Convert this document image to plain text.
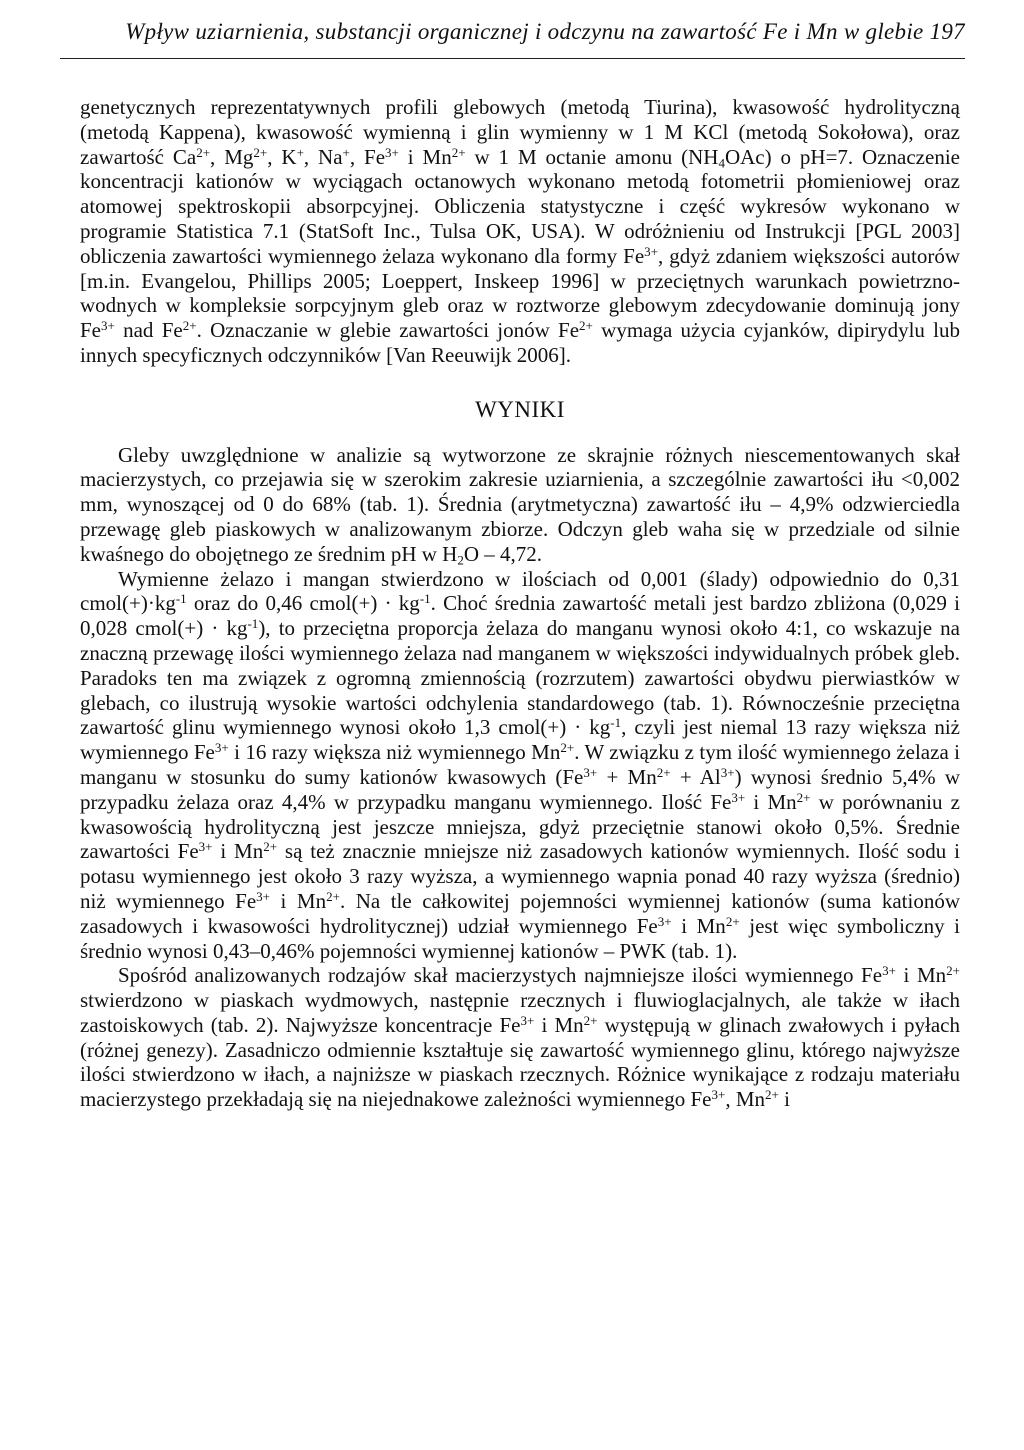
Wpływ uziarnienia, substancji organicznej i odczynu na zawartość Fe i Mn w glebie 197

genetycznych reprezentatywnych profili glebowych (metodą Tiurina), kwasowość hydrolityczną (metodą Kappena), kwasowość wymienną i glin wymienny w 1 M KCl (metodą Sokołowa), oraz zawartość $Ca^{2+}$, $Mg^{2+}$, K+, Na+, $Fe^{3+}$ i $Mn^{2+}$ w 1 M octanie amonu $(NH_4OAc)$ o pH=7. Oznaczenie koncentracji kationów w wyciągach octanowych wykonano metodą fotometrii płomieniowej oraz atomowej spektroskopii absorpcyjnej. Obliczenia statystyczne i część wykresów wykonano w programie Statistica 7.1 (StatSoft Inc., Tulsa OK, USA). W odróżnieniu od Instrukcji [PGL 2003] obliczenia zawartości wymiennego żelaza wykonano dla formy $Fe^{3+}$, gdyż zdaniem większości autorów [m.in. Evangelou, Phillips 2005; Loeppert, Inskeep 1996] w przeciętnych warunkach powietrzno-wodnych w kompleksie sorpcyjnym gleb oraz w roztworze glebowym zdecydowanie dominują jony $Fe^{3+}$ nad $Fe^{2+}$. Oznaczanie w glebie zawartości jonów $Fe^{2+}$ wymaga użycia cyjanków, dipirydylu lub innych specyficznych odczynników [Van Reeuwijk 2006].

WYNIKI

Gleby uwzględnione w analizie są wytworzone ze skrajnie różnych niescementowanych skał macierzystych, co przejawia się w szerokim zakresie uziarnienia, a szczególnie zawartości iłu <0,002 mm, wynoszącej od 0 do 68% (tab. 1). Średnia (arytmetyczna) zawartość iłu – 4,9% odzwierciedla przewagę gleb piaskowych w analizowanym zbiorze. Odczyn gleb waha się w przedziale od silnie kwaśnego do obojętnego ze średnim pH w $H_2O - 4,72$.

Wymienne żelazo i mangan stwierdzono w ilościach od 0,001 (ślady) odpowiednio do 0,31 $cmol(+)\cdot kg^{-1}$ oraz do 0,46 cmol(+) · $kg^{-1}$. Choć średnia zawartość metali jest bardzo zbliżona (0,029 i 0,028 cmol(+) · $kg^{-1}$), to przeciętna proporcja żelaza do manganu wynosi około 4:1, co wskazuje na znaczną przewagę ilości wymiennego żelaza nad manganem w większości indywidualnych próbek gleb. Paradoks ten ma związek z ogromną zmiennością (rozrzutem) zawartości obydwu pierwiastków w glebach, co ilustrują wysokie wartości odchylenia standardowego (tab. 1). Równocześnie przeciętna zawartość glinu wymiennego wynosi około 1,3 cmol(+) · $kg^{-1}$, czyli jest niemal 13 razy większa niż wymiennego $Fe^{3+}$ i 16 razy większa niż wymiennego $Mn^{2+}$. W związku z tym ilość wymiennego żelaza i manganu w stosunku do sumy kationów kwasowych $(Fe^{3+} + Mn^{2+} + Al^{3+})$ wynosi średnio 5,4% w przypadku żelaza oraz 4,4% w przypadku manganu wymiennego. Ilość $Fe^{3+}$ i $Mn^{2+}$ w porównaniu z kwasowością hydrolityczną jest jeszcze mniejsza, gdyż przeciętnie stanowi około 0,5%. Średnie zawartości $Fe^{3+}$ i $Mn^{2+}$ są też znacznie mniejsze niż zasadowych kationów wymiennych. Ilość sodu i potasu wymiennego jest około 3 razy wyższa, a wymiennego wapnia ponad 40 razy wyższa (średnio) niż wymiennego $Fe^{3+}$ i $Mn^{2+}$. Na tle całkowitej pojemności wymiennej kationów (suma kationów zasadowych i kwasowości hydrolitycznej) udział wymiennego $Fe^{3+}$ i $Mn^{2+}$ jest więc symboliczny i średnio wynosi 0,43–0,46% pojemności wymiennej kationów – PWK (tab. 1).

Spośród analizowanych rodzajów skał macierzystych najmniejsze ilości wymiennego $Fe^{3+}$ i $Mn^{2+}$ stwierdzono w piaskach wydmowych, następnie rzecznych i fluwioglacjalnych, ale także w iłach zastoiskowych (tab. 2). Najwyższe koncentracje $Fe^{3+}$ i $Mn^{2+}$ występują w glinach zwałowych i pyłach (różnej genezy). Zasadniczo odmiennie kształtuje się zawartość wymiennego glinu, którego najwyższe ilości stwierdzono w iłach, a najniższe w piaskach rzecznych. Różnice wynikające z rodzaju materiału macierzystego przekładają się na niejednakowe zależności wymiennego $Fe^{3+}$, $Mn^{2+}$ i
